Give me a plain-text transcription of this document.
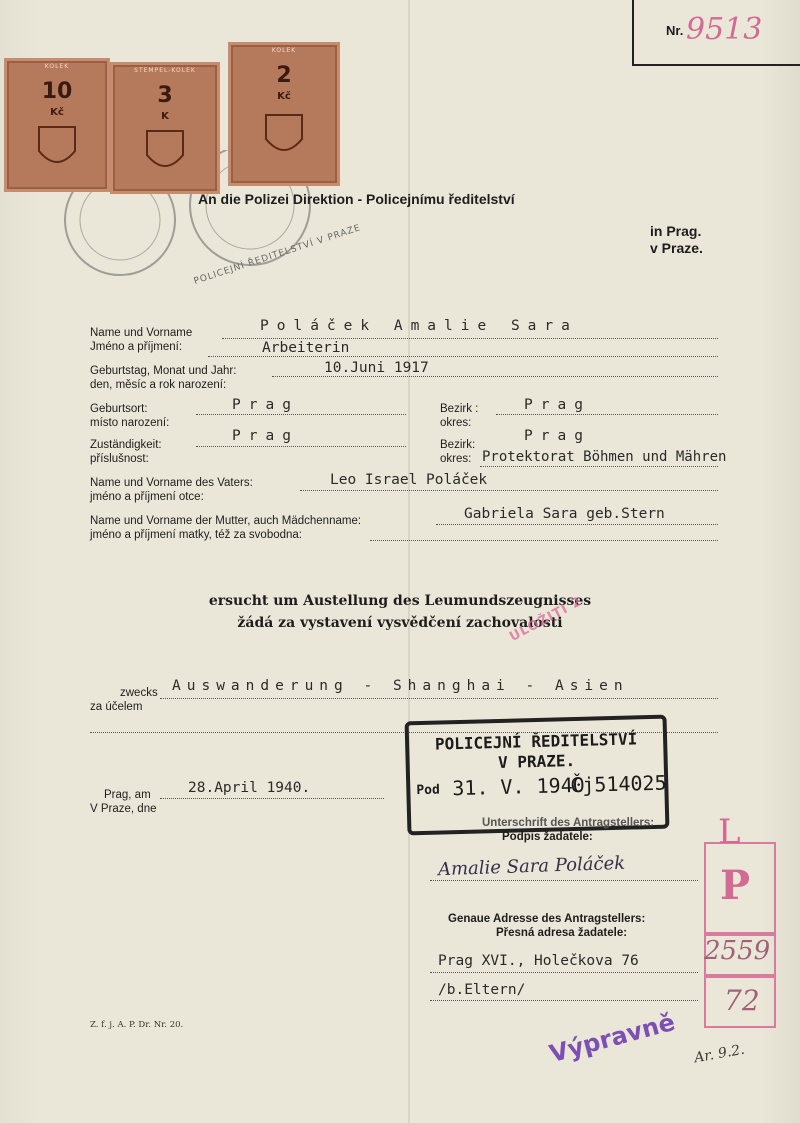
Nr. 9513
POLICEJNÍ ŘEDITELSTVÍ V PRAZE
KOLEK
10
Kč
STEMPEL-KOLEK
3
K
KOLEK
2
Kč
An die Polizei Direktion - Policejnímu ředitelství
in Prag.
v Praze.
Name und Vorname
Jméno a příjmení:
Poláček Amalie Sara
Arbeiterin
Geburtstag, Monat und Jahr:
den, měsíc a rok narození:
10.Juni 1917
Geburtsort:
místo narození:
Prag	Bezirk :
okres:
Prag
Zuständigkeit:
příslušnost:
Prag
Bezirk:
okres:
Prag
Protektorat Böhmen und Mähren
Name und Vorname des Vaters:
jméno a příjmení otce:
Leo Israel Poláček
Name und Vorname der Mutter, auch Mädchenname:
jméno a příjmení matky, též za svobodna:
Gabriela Sara geb.Stern
ersucht um Austellung des Leumundszeugnisses
žádá za vystavení vysvědčení zachovalosti
ULOŽITI 2
zwecks
za účelem
Auswanderung - Shanghai - Asien
POLICEJNÍ ŘEDITELSTVÍ
V PRAZE.
Pod 31. V. 1940
Čj514025
Prag, am
V Praze, dne
28.April 1940.
Unterschrift des Antragstellers:
Podpis žadatele:
Amalie Sara Poláček
Genaue Adresse des Antragstellers:
Přesná adresa žadatele:
Prag XVI., Holečkova 76
/b.Eltern/
P
L
2559
72
Výpravně Ar. 9.2.
Z. f. j. A. P. Dr. Nr. 20.
